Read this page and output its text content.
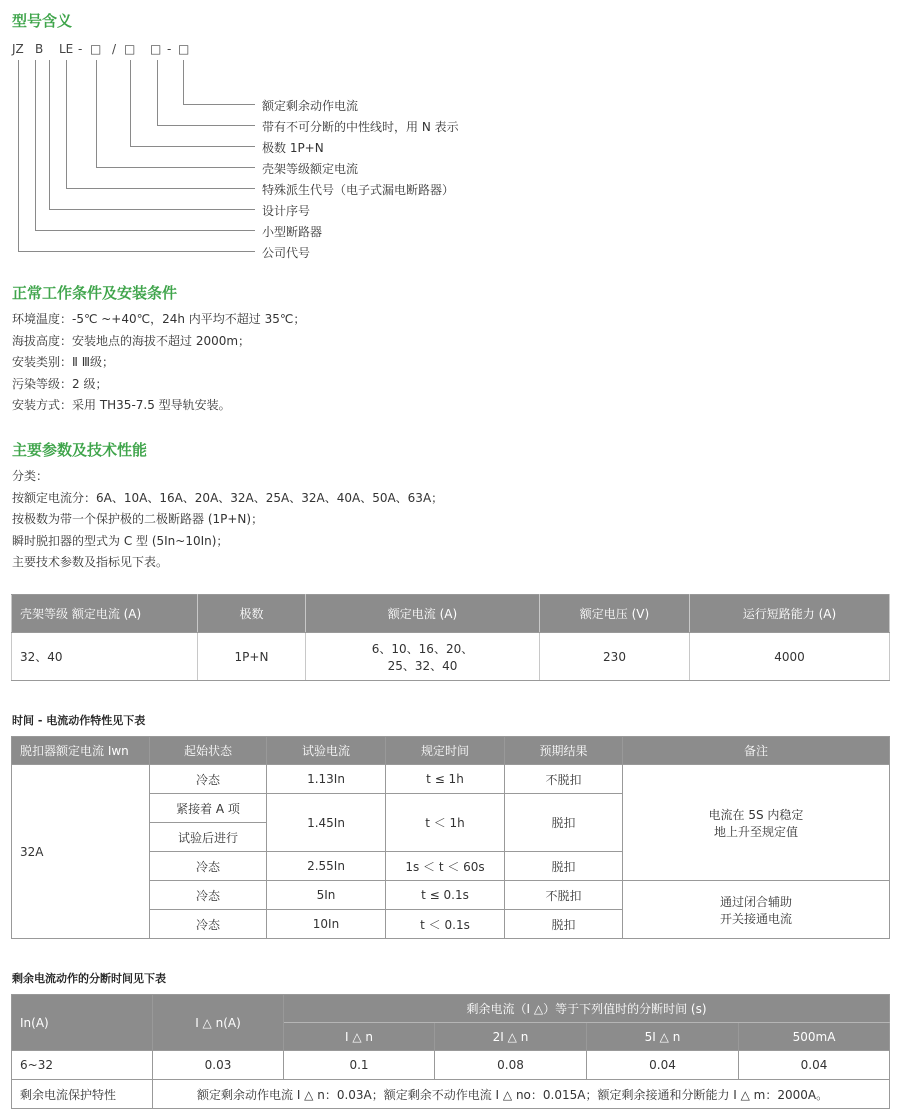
型号含义

JZ

B

LE

-

□

/

□

□

-

□

额定剩余动作电流
带有不可分断的中性线时，用 N 表示
极数 1P+N
壳架等级额定电流
特殊派生代号（电子式漏电断路器）
设计序号
小型断路器
公司代号
正常工作条件及安装条件
环境温度：-5℃ ~+40℃，24h 内平均不超过 35℃；
海拔高度：安装地点的海拔不超过 2000m；
安装类别：Ⅱ Ⅲ级；
污染等级：2 级；
安装方式：采用 TH35-7.5 型导轨安装。
主要参数及技术性能
分类：
按额定电流分：6A、10A、16A、20A、32A、25A、32A、40A、50A、63A；
按极数为带一个保护极的二极断路器 (1P+N)；
瞬时脱扣器的型式为 C 型 (5In~10In)；
主要技术参数及指标见下表。
壳架等级 额定电流 (A)	极数	额定电流 (A)	额定电压 (V)	运行短路能力 (A)
32、40	1P+N	6、10、16、20、
25、32、40	230	4000
时间 - 电流动作特性见下表
脱扣器额定电流 Iwn	起始状态	试验电流	规定时间	预期结果	备注
32A	冷态	1.13In	t ≤ 1h	不脱扣	电流在 5S 内稳定
地上升至规定值

	紧接着 A 项	1.45In	t ＜ 1h	脱扣	
	试验后进行				
	冷态	2.55In	1s ＜ t ＜ 60s	脱扣	
	冷态	5In	t ≤ 0.1s	不脱扣	通过闭合辅助
开关接通电流

	冷态	10In	t ＜ 0.1s	脱扣	
剩余电流动作的分断时间见下表
In(A)	I △ n(A)	剩余电流（I △）等于下列值时的分断时间 (s)			
		I △ n	2I △ n	5I △ n	500mA
6~32	0.03	0.1	0.08	0.04	0.04
剩余电流保护特性	额定剩余动作电流 I △ n：0.03A；额定剩余不动作电流 I △ no：0.015A；额定剩余接通和分断能力 I △ m：2000A。				
